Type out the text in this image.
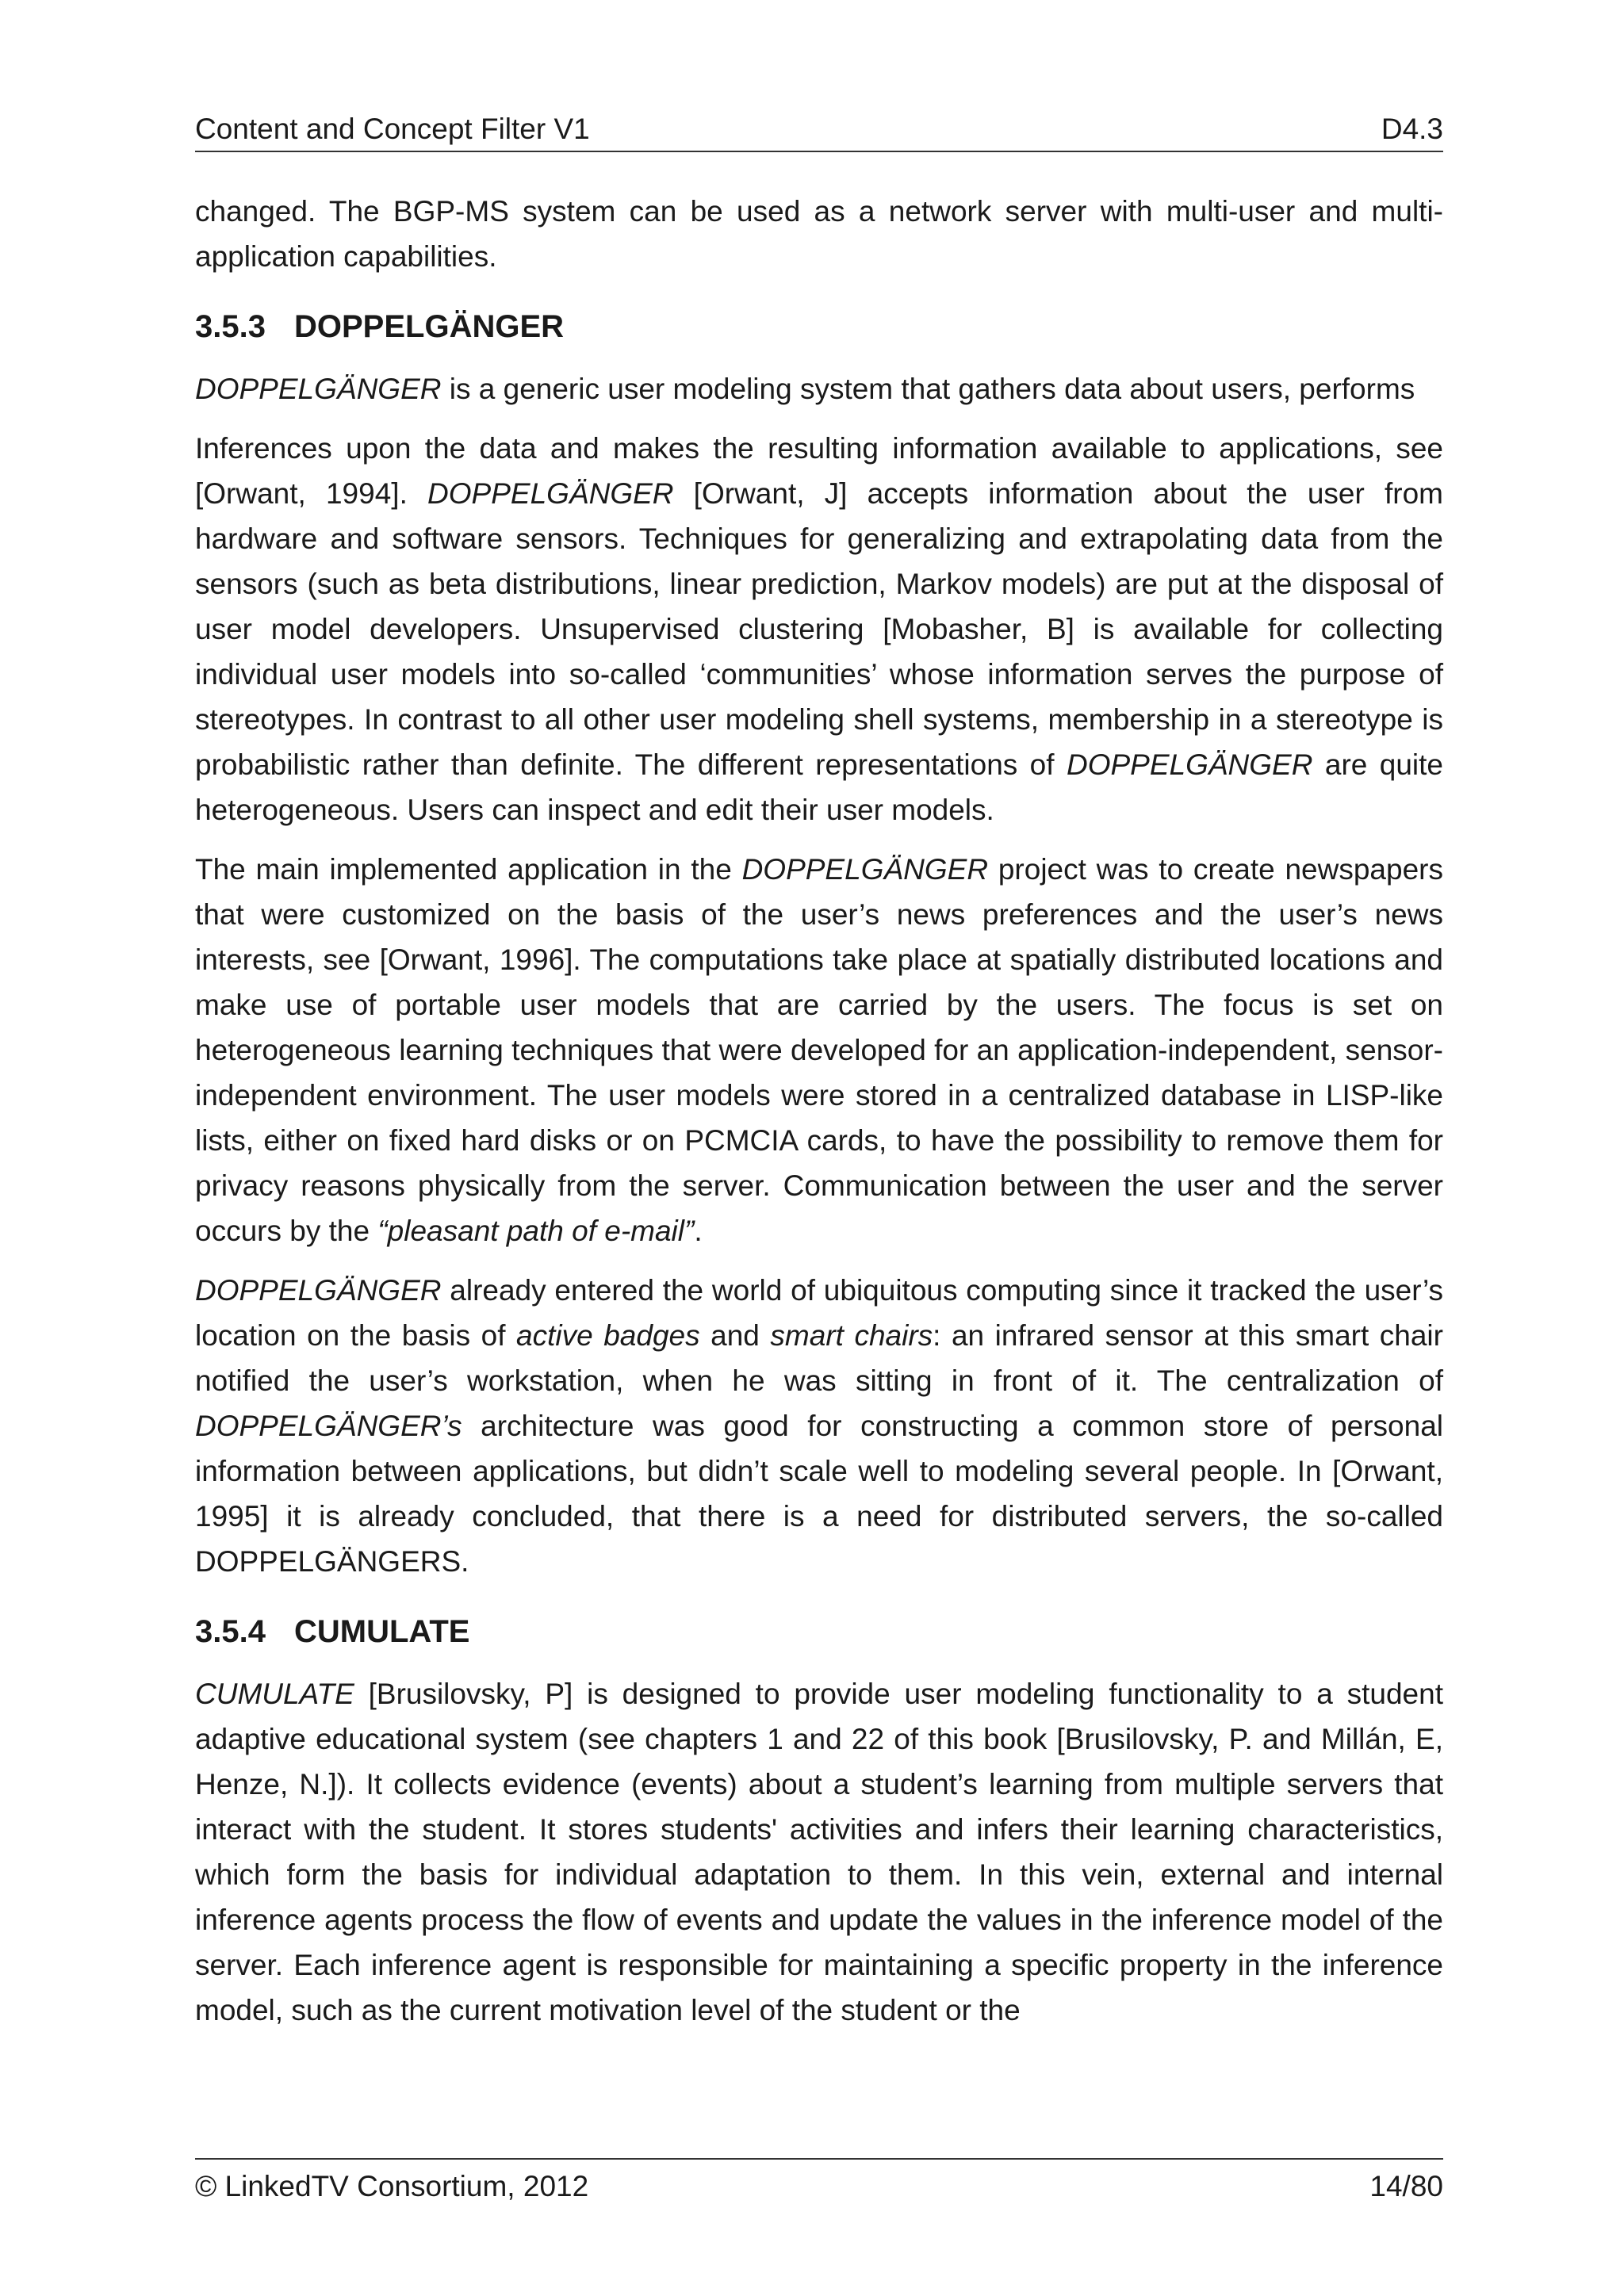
Content and Concept Filter V1	D4.3

changed. The BGP-MS system can be used as a network server with multi-user and multi-application capabilities.

3.5.3 DOPPELGÄNGER

DOPPELGÄNGER is a generic user modeling system that gathers data about users, performs

Inferences upon the data and makes the resulting information available to applications, see [Orwant, 1994]. DOPPELGÄNGER [Orwant, J] accepts information about the user from hardware and software sensors. Techniques for generalizing and extrapolating data from the sensors (such as beta distributions, linear prediction, Markov models) are put at the disposal of user model developers. Unsupervised clustering [Mobasher, B] is available for collecting individual user models into so-called ‘communities’ whose information serves the purpose of stereotypes. In contrast to all other user modeling shell systems, membership in a stereotype is probabilistic rather than definite. The different representations of DOPPELGÄNGER are quite heterogeneous. Users can inspect and edit their user models.

The main implemented application in the DOPPELGÄNGER project was to create newspapers that were customized on the basis of the user’s news preferences and the user’s news interests, see [Orwant, 1996]. The computations take place at spatially distributed locations and make use of portable user models that are carried by the users. The focus is set on heterogeneous learning techniques that were developed for an application-independent, sensor-independent environment. The user models were stored in a centralized database in LISP-like lists, either on fixed hard disks or on PCMCIA cards, to have the possibility to remove them for privacy reasons physically from the server. Communication between the user and the server occurs by the “pleasant path of e-mail”.

DOPPELGÄNGER already entered the world of ubiquitous computing since it tracked the user’s location on the basis of active badges and smart chairs: an infrared sensor at this smart chair notified the user’s workstation, when he was sitting in front of it. The centralization of DOPPELGÄNGER’s architecture was good for constructing a common store of personal information between applications, but didn’t scale well to modeling several people. In [Orwant, 1995] it is already concluded, that there is a need for distributed servers, the so-called DOPPELGÄNGERS.

3.5.4 CUMULATE

CUMULATE [Brusilovsky, P] is designed to provide user modeling functionality to a student adaptive educational system (see chapters 1 and 22 of this book [Brusilovsky, P. and Millán, E, Henze, N.]). It collects evidence (events) about a student’s learning from multiple servers that interact with the student. It stores students' activities and infers their learning characteristics, which form the basis for individual adaptation to them. In this vein, external and internal inference agents process the flow of events and update the values in the inference model of the server. Each inference agent is responsible for maintaining a specific property in the inference model, such as the current motivation level of the student or the

© LinkedTV Consortium, 2012	14/80
